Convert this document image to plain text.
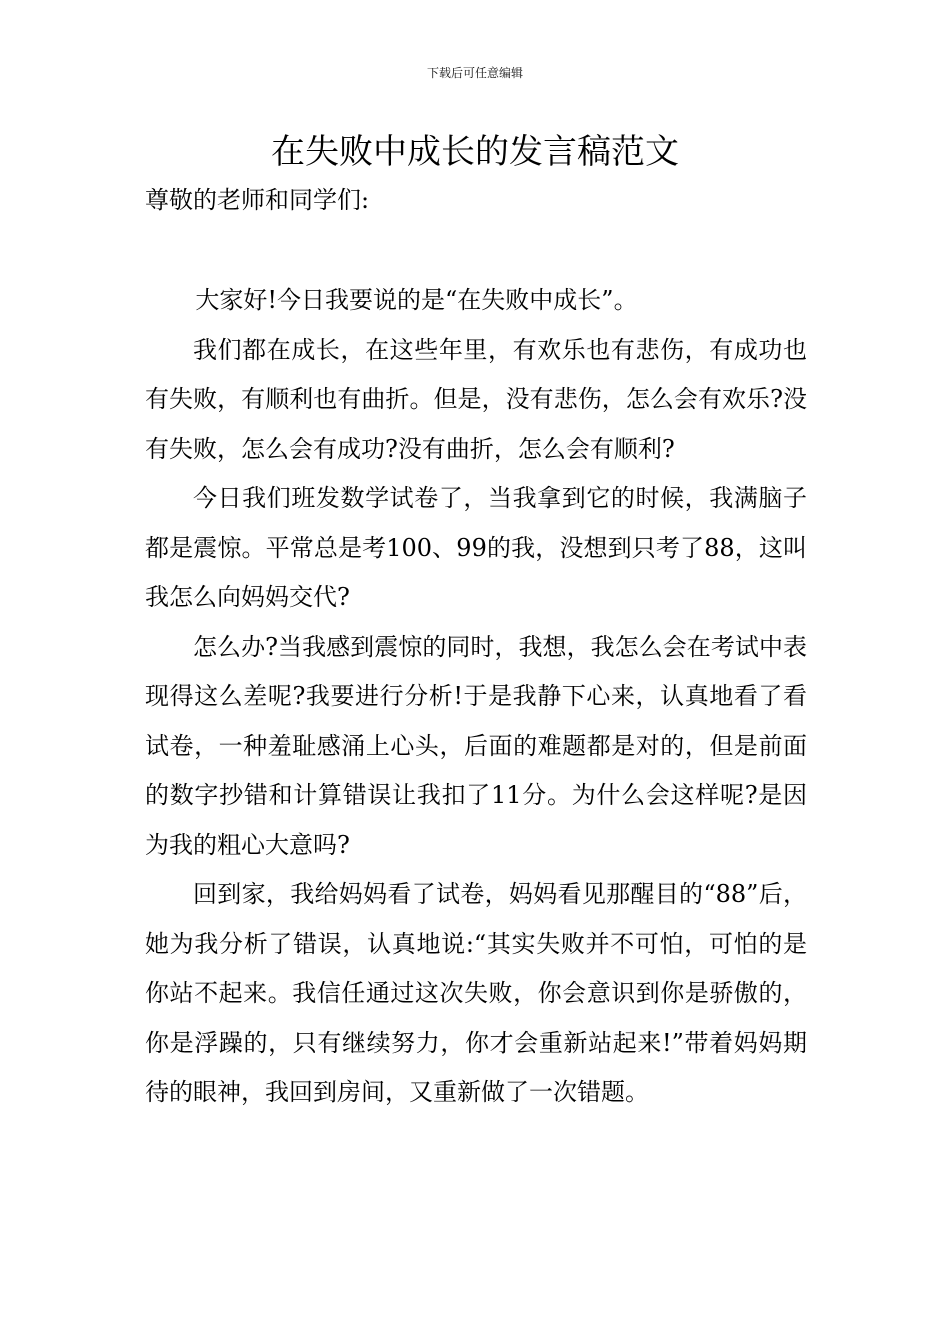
下载后可任意编辑
在失败中成长的发言稿范文

尊敬的老师和同学们:

大家好!今日我要说的是“在失败中成长”。

我们都在成长，在这些年里，有欢乐也有悲伤，有成功也有失败，有顺利也有曲折。但是，没有悲伤，怎么会有欢乐?没有失败，怎么会有成功?没有曲折，怎么会有顺利?

今日我们班发数学试卷了，当我拿到它的时候，我满脑子都是震惊。平常总是考100、99的我，没想到只考了88，这叫我怎么向妈妈交代?

怎么办?当我感到震惊的同时，我想，我怎么会在考试中表现得这么差呢?我要进行分析!于是我静下心来，认真地看了看试卷，一种羞耻感涌上心头，后面的难题都是对的，但是前面的数字抄错和计算错误让我扣了11分。为什么会这样呢?是因为我的粗心大意吗?

回到家，我给妈妈看了试卷，妈妈看见那醒目的“88”后，她为我分析了错误，认真地说:“其实失败并不可怕，可怕的是你站不起来。我信任通过这次失败，你会意识到你是骄傲的，你是浮躁的，只有继续努力，你才会重新站起来!”带着妈妈期待的眼神，我回到房间，又重新做了一次错题。
